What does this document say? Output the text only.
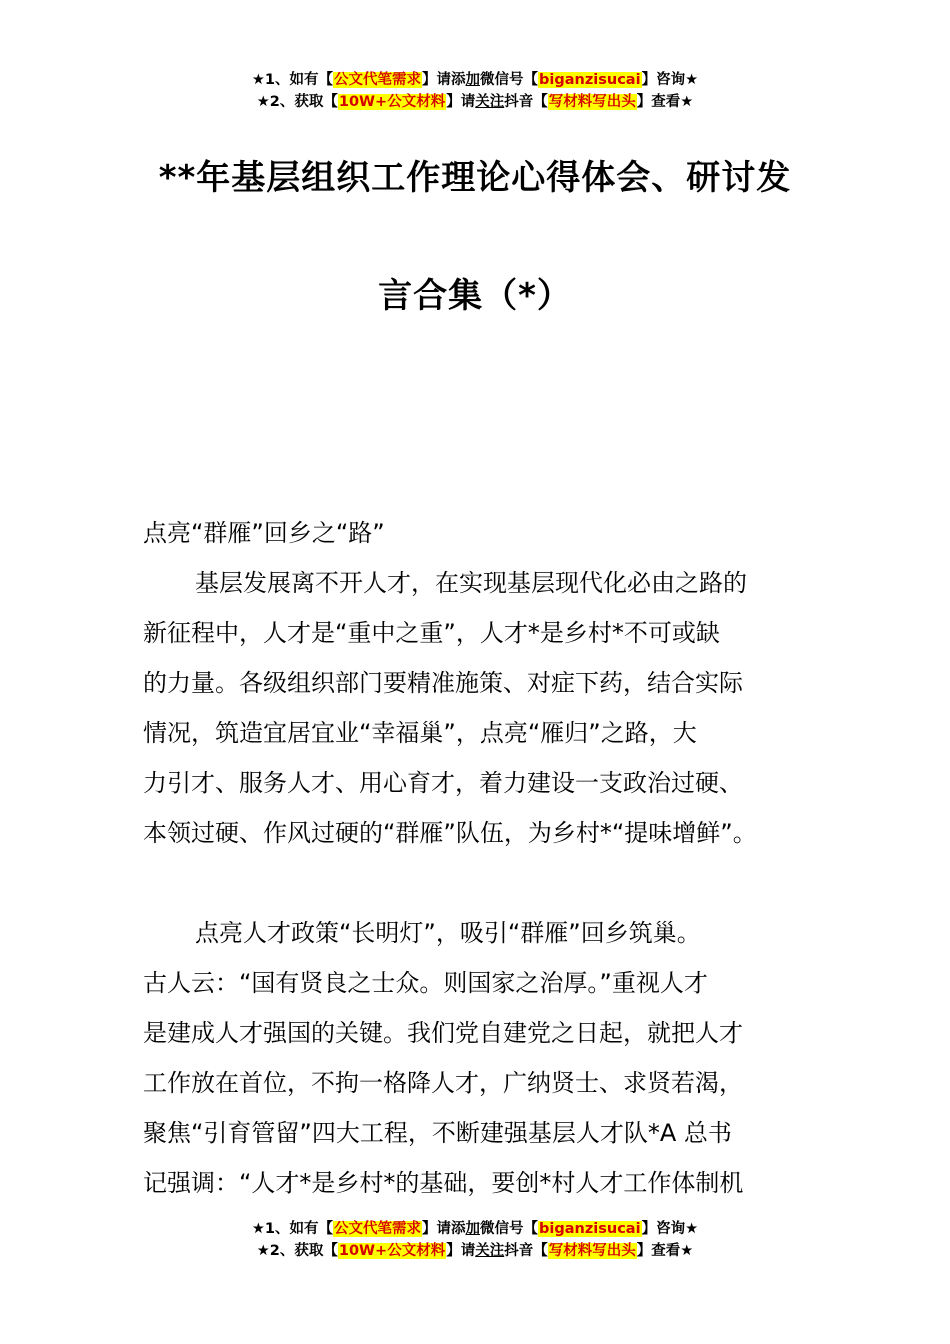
★1、如有【公文代笔需求】请添加微信号【biganzisucai】咨询★
★2、获取【10W+公文材料】请关注抖音【写材料写出头】查看★
**年基层组织工作理论心得体会、研讨发
言合集（*）
点亮“群雁”回乡之“路”
基层发展离不开人才，在实现基层现代化必由之路的
新征程中，人才是“重中之重”，人才*是乡村*不可或缺
的力量。各级组织部门要精准施策、对症下药，结合实际
情况，筑造宜居宜业“幸福巢”，点亮“雁归”之路，大
力引才、服务人才、用心育才，着力建设一支政治过硬、
本领过硬、作风过硬的“群雁”队伍，为乡村*“提味增鲜”。
点亮人才政策“长明灯”，吸引“群雁”回乡筑巢。
古人云：“国有贤良之士众。则国家之治厚。”重视人才
是建成人才强国的关键。我们党自建党之日起，就把人才
工作放在首位，不拘一格降人才，广纳贤士、求贤若渴，
聚焦“引育管留”四大工程，不断建强基层人才队*A 总书
记强调：“人才*是乡村*的基础，要创*村人才工作体制机
★1、如有【公文代笔需求】请添加微信号【biganzisucai】咨询★
★2、获取【10W+公文材料】请关注抖音【写材料写出头】查看★
